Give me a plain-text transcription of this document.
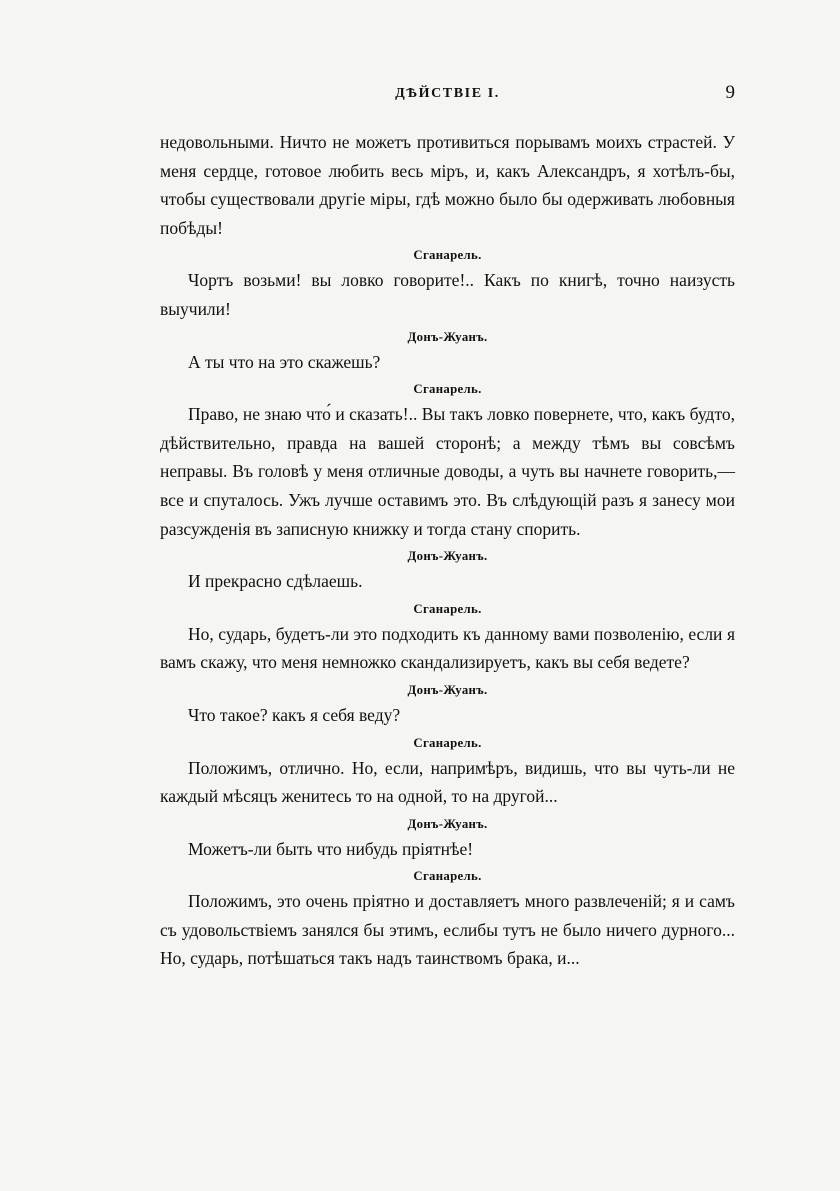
ДѢЙСТВІЕ І.	9

недовольными. Ничто не можетъ противиться порывамъ моихъ страстей. У меня сердце, готовое любить весь міръ, и, какъ Александръ, я хотѣлъ-бы, чтобы существовали другіе міры, гдѣ можно было бы одерживать любовныя побѣды!

Сганарель.

Чортъ возьми! вы ловко говорите!.. Какъ по книгѣ, точно наизусть выучили!

Донъ-Жуанъ.

А ты что на это скажешь?

Сганарель.

Право, не знаю что́ и сказать!.. Вы такъ ловко повернете, что, какъ будто, дѣйствительно, правда на вашей сторонѣ; а между тѣмъ вы совсѣмъ неправы. Въ головѣ у меня отличные доводы, а чуть вы начнете говорить,— все и спуталось. Ужъ лучше оставимъ это. Въ слѣдующій разъ я занесу мои разсужденія въ записную книжку и тогда стану спорить.

Донъ-Жуанъ.

И прекрасно сдѣлаешь.

Сганарель.

Но, сударь, будетъ-ли это подходить къ данному вами позволенію, если я вамъ скажу, что меня немножко скандализируетъ, какъ вы себя ведете?

Донъ-Жуанъ.

Что такое? какъ я себя веду?

Сганарель.

Положимъ, отлично. Но, если, напримѣръ, видишь, что вы чуть-ли не каждый мѣсяцъ женитесь то на одной, то на другой...

Донъ-Жуанъ.

Можетъ-ли быть что нибудь пріятнѣе!

Сганарель.

Положимъ, это очень пріятно и доставляетъ много развлеченій; я и самъ съ удовольствіемъ занялся бы этимъ, еслибы тутъ не было ничего дурного... Но, сударь, потѣшаться такъ надъ таинствомъ брака, и...
